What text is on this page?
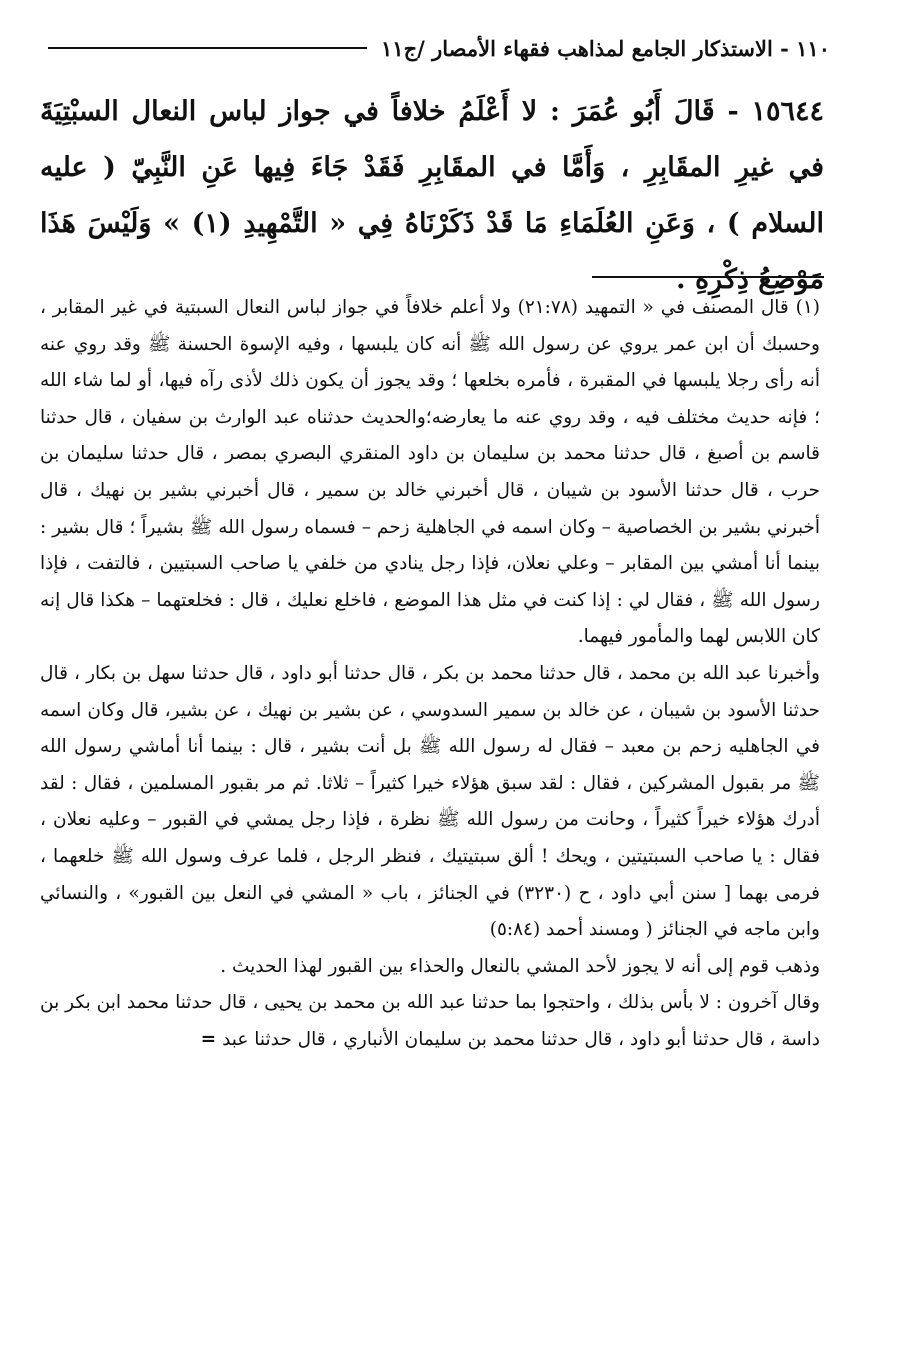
١١٠ - الاستذكار الجامع لمذاهب فقهاء الأمصار /ج١١
١٥٦٤٤ - قَالَ أَبُو عُمَرَ : لا أَعْلَمُ خلافاً في جواز لباس النعال السبْتِيَةَ في غيرِ المقَابِرِ ، وَأَمَّا في المقَابِرِ فَقَدْ جَاءَ فِيها عَنِ النَّبِيّ ( عليه السلام ) ، وَعَنِ العُلَمَاءِ مَا قَدْ ذَكَرْنَاهُ فِي « التَّمْهِيدِ (١) » وَلَيْسَ هَذَا مَوْضِعُ ذِكْرِهِ .

(١) قال المصنف في « التمهيد (٢١:٧٨) ولا أعلم خلافاً في جواز لباس النعال السبتية في غير المقابر ، وحسبك أن ابن عمر يروي عن رسول الله ﷺ أنه كان يلبسها ، وفيه الإسوة الحسنة ﷺ وقد روي عنه أنه رأى رجلا يلبسها في المقبرة ، فأمره بخلعها ؛ وقد يجوز أن يكون ذلك لأذى رآه فيها، أو لما شاء الله ؛ فإنه حديث مختلف فيه ، وقد روي عنه ما يعارضه؛والحديث حدثناه عبد الوارث بن سفيان ، قال حدثنا قاسم بن أصبغ ، قال حدثنا محمد بن سليمان بن داود المنقري البصري بمصر ، قال حدثنا سليمان بن حرب ، قال حدثنا الأسود بن شيبان ، قال أخبرني خالد بن سمير ، قال أخبرني بشير بن نهيك ، قال أخبرني بشير بن الخصاصية – وكان اسمه في الجاهلية زحم – فسماه رسول الله ﷺ بشيراً ؛ قال بشير : بينما أنا أمشي بين المقابر – وعلي نعلان، فإذا رجل ينادي من خلفي يا صاحب السبتيين ، فالتفت ، فإذا رسول الله ﷺ ، فقال لي : إذا كنت في مثل هذا الموضع ، فاخلع نعليك ، قال : فخلعتهما – هكذا قال إنه كان اللابس لهما والمأمور فيهما.

وأخبرنا عبد الله بن محمد ، قال حدثنا محمد بن بكر ، قال حدثنا أبو داود ، قال حدثنا سهل بن بكار ، قال حدثنا الأسود بن شيبان ، عن خالد بن سمير السدوسي ، عن بشير بن نهيك ، عن بشير، قال وكان اسمه في الجاهليه زحم بن معبد – فقال له رسول الله ﷺ بل أنت بشير ، قال : بينما أنا أماشي رسول الله ﷺ مر بقبول المشركين ، فقال : لقد سبق هؤلاء خيرا كثيراً – ثلاثا. ثم مر بقبور المسلمين ، فقال : لقد أدرك هؤلاء خيراً كثيراً ، وحانت من رسول الله ﷺ نظرة ، فإذا رجل يمشي في القبور – وعليه نعلان ، فقال : يا صاحب السبتيتين ، ويحك ! ألق سبتيتيك ، فنظر الرجل ، فلما عرف وسول الله ﷺ خلعهما ، فرمى بهما [ سنن أبي داود ، ح (٣٢٣٠) في الجنائز ، باب « المشي في النعل بين القبور» ، والنسائي وابن ماجه في الجنائز ( ومسند أحمد (٥:٨٤)

وذهب قوم إلى أنه لا يجوز لأحد المشي بالنعال والحذاء بين القبور لهذا الحديث .

وقال آخرون : لا بأس بذلك ، واحتجوا بما حدثنا عبد الله بن محمد بن يحيى ، قال حدثنا محمد ابن بكر بن داسة ، قال حدثنا أبو داود ، قال حدثنا محمد بن سليمان الأنباري ، قال حدثنا عبد =
